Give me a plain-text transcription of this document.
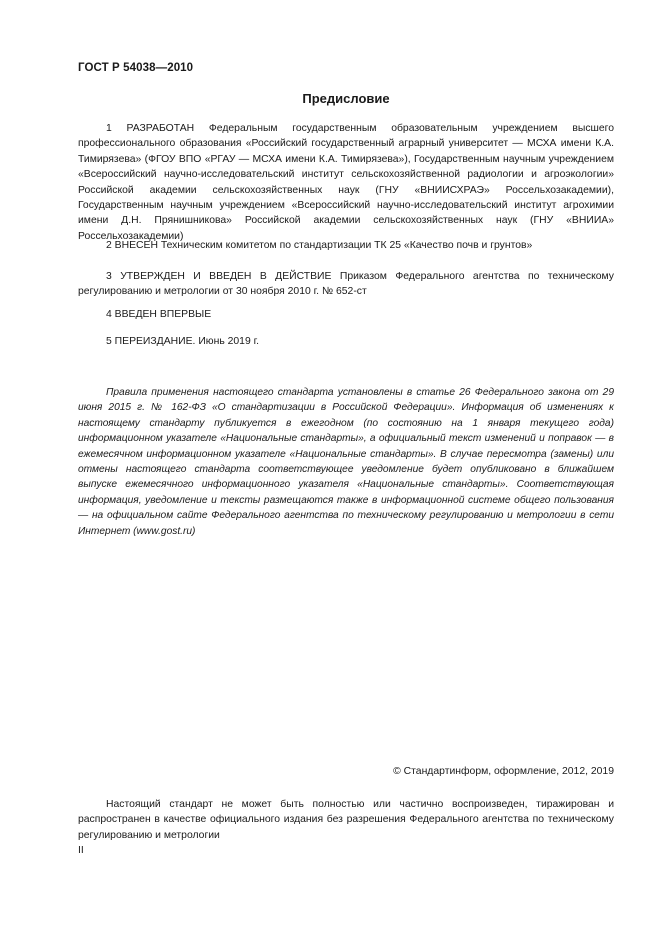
ГОСТ Р 54038—2010
Предисловие

1 РАЗРАБОТАН Федеральным государственным образовательным учреждением высшего профессионального образования «Российский государственный аграрный университет — МСХА имени К.А. Тимирязева» (ФГОУ ВПО «РГАУ — МСХА имени К.А. Тимирязева»), Государственным научным учреждением «Всероссийский научно-исследовательский институт сельскохозяйственной радиологии и агроэкологии» Российской академии сельскохозяйственных наук (ГНУ «ВНИИСХРАЭ» Россельхозакадемии), Государственным научным учреждением «Всероссийский научно-исследовательский институт агрохимии имени Д.Н. Прянишникова» Российской академии сельскохозяйственных наук (ГНУ «ВНИИА» Россельхозакадемии)

2 ВНЕСЕН Техническим комитетом по стандартизации ТК 25 «Качество почв и грунтов»

3 УТВЕРЖДЕН И ВВЕДЕН В ДЕЙСТВИЕ Приказом Федерального агентства по техническому регулированию и метрологии от 30 ноября 2010 г. № 652-ст

4 ВВЕДЕН ВПЕРВЫЕ

5 ПЕРЕИЗДАНИЕ. Июнь 2019 г.

Правила применения настоящего стандарта установлены в статье 26 Федерального закона от 29 июня 2015 г. № 162-ФЗ «О стандартизации в Российской Федерации». Информация об изменениях к настоящему стандарту публикуется в ежегодном (по состоянию на 1 января текущего года) информационном указателе «Национальные стандарты», а официальный текст изменений и поправок — в ежемесячном информационном указателе «Национальные стандарты». В случае пересмотра (замены) или отмены настоящего стандарта соответствующее уведомление будет опубликовано в ближайшем выпуске ежемесячного информационного указателя «Национальные стандарты». Соответствующая информация, уведомление и тексты размещаются также в информационной системе общего пользования — на официальном сайте Федерального агентства по техническому регулированию и метрологии в сети Интернет (www.gost.ru)

© Стандартинформ, оформление, 2012, 2019

Настоящий стандарт не может быть полностью или частично воспроизведен, тиражирован и распространен в качестве официального издания без разрешения Федерального агентства по техническому регулированию и метрологии

II
